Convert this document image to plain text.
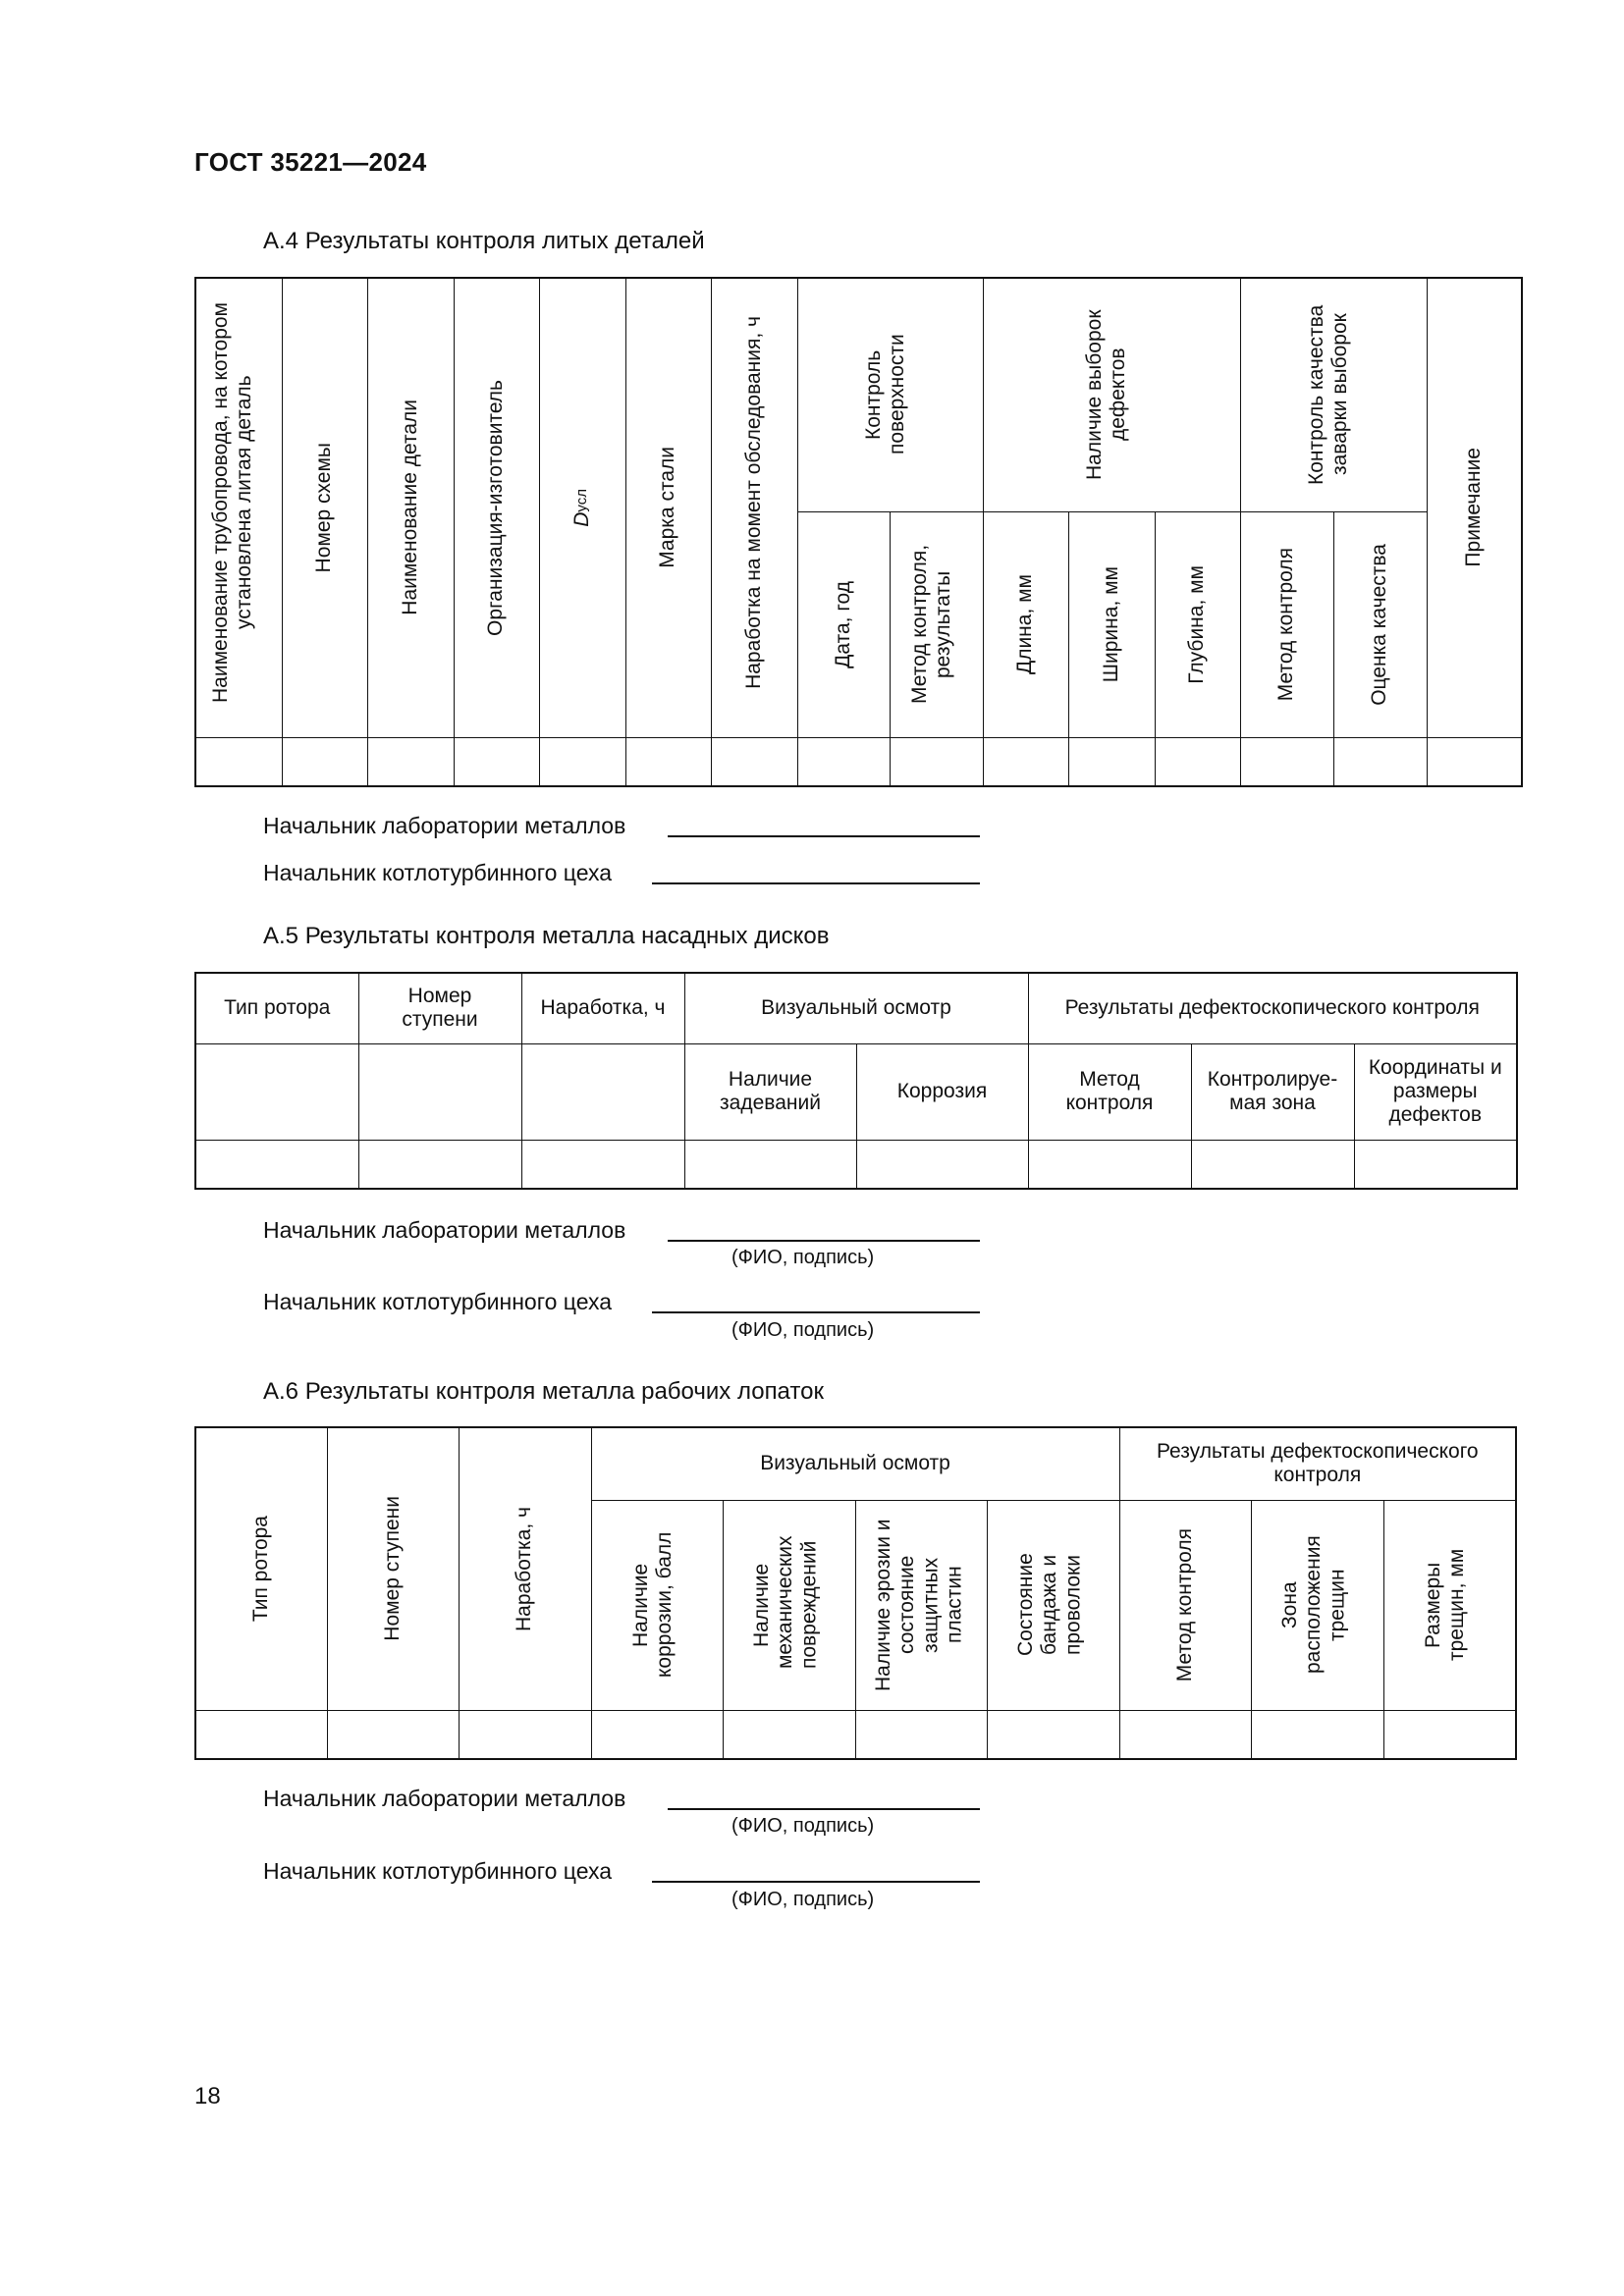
ГОСТ 35221—2024
А.4 Результаты контроля литых деталей
Наименование трубопровода, на котором установлена литая деталь	Номер схемы	Наименование детали	Организация-изготовитель	Dусл	Марка стали	Наработка на момент обследования, ч	Контроль поверхности		Наличие выборок дефектов			Контроль качества заварки выборок		Примечание

							Дата, год	Метод контроля, результаты	Длина, мм	Ширина, мм	Глубина, мм	Метод контроля	Оценка качества	

Начальник лаборатории металлов
Начальник котлотурбинного цеха
А.5 Результаты контроля металла насадных дисков
Тип ротора	Номер ступени	Наработка, ч	Визуальный осмотр		Результаты дефектоскопического контроля		

			Наличие задеваний	Коррозия	Метод контроля	Контролируе-мая зона	Координаты и размеры дефектов

Начальник лаборатории металлов
(ФИО, подпись)
Начальник котлотурбинного цеха
(ФИО, подпись)
А.6 Результаты контроля металла рабочих лопаток
Тип ротора	Номер ступени	Наработка, ч	Визуальный осмотр				Результаты дефектоскопического контроля		

			Наличие коррозии, балл	Наличие механических повреждений	Наличие эрозии и состояние защитных пластин	Состояние бандажа и проволоки	Метод контроля	Зона расположения трещин	Размеры трещин, мм

Начальник лаборатории металлов
(ФИО, подпись)
Начальник котлотурбинного цеха
(ФИО, подпись)
18
